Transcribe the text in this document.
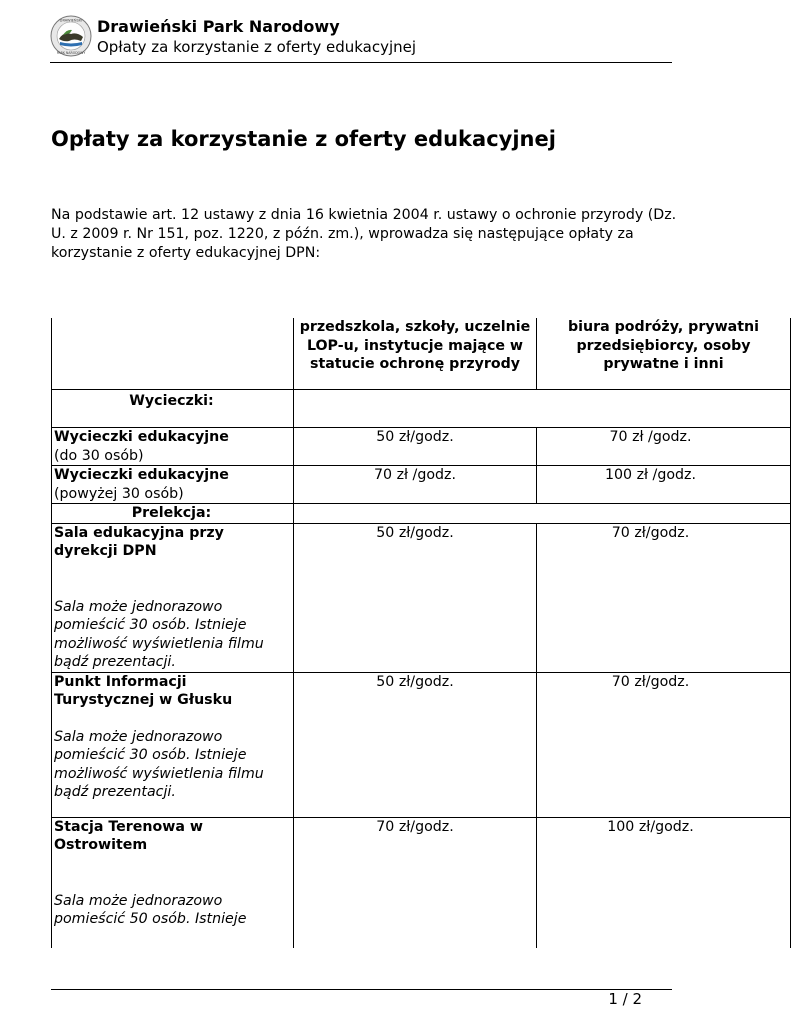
DRAWIEŃSKI
PARK NARODOWY
Drawieński Park Narodowy
Opłaty za korzystanie z oferty edukacyjnej
Opłaty za korzystanie z oferty edukacyjnej

Na podstawie art. 12 ustawy z dnia 16 kwietnia 2004 r. ustawy o ochronie przyrody (Dz. U. z 2009 r. Nr 151, poz. 1220, z późn. zm.), wprowadza się następujące opłaty za korzystanie z oferty edukacyjnej DPN:

	przedszkola, szkoły, uczelnie LOP-u, instytucje mające w statucie ochronę przyrody	biura podróży, prywatni przedsiębiorcy, osoby prywatne i inni
Wycieczki:		
Wycieczki edukacyjne
(do 30 osób)	50 zł/godz.	70 zł /godz.
Wycieczki edukacyjne
(powyżej 30 osób)	70 zł /godz.	100 zł /godz.
Prelekcja:		

Sala edukacyjna przy dyrekcji DPN
Sala może jednorazowo pomieścić 30 osób. Istnieje możliwość wyświetlenia filmu bądź prezentacji.	50 zł/godz.	70 zł/godz.

Punkt Informacji Turystycznej w Głusku
Sala może jednorazowo pomieścić 30 osób. Istnieje możliwość wyświetlenia filmu bądź prezentacji.	50 zł/godz.	70 zł/godz.

Stacja Terenowa w Ostrowitem
Sala może jednorazowo pomieścić 50 osób. Istnieje	70 zł/godz.	100 zł/godz.
1 / 2
